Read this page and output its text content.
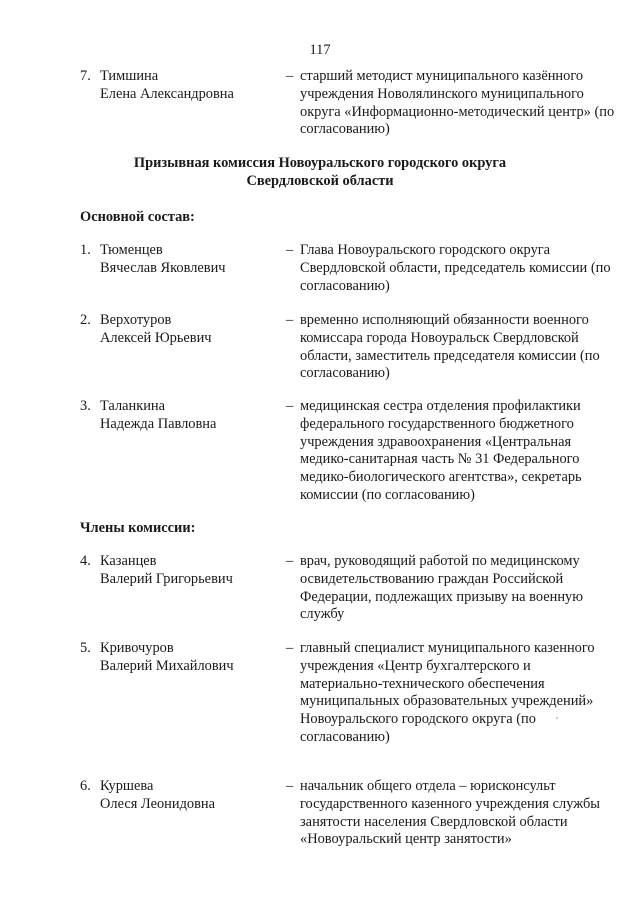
117
7. Тимшина
Елена Александровна
– старший методист муниципального казённого учреждения Новолялинского муниципального округа «Информационно-методический центр» (по согласованию)
Призывная комиссия Новоуральского городского округа
Свердловской области
Основной состав:
1. Тюменцев
Вячеслав Яковлевич
– Глава Новоуральского городского округа Свердловской области, председатель комиссии (по согласованию)
2. Верхотуров
Алексей Юрьевич
– временно исполняющий обязанности военного комиссара города Новоуральск Свердловской области, заместитель председателя комиссии (по согласованию)
3. Таланкина
Надежда Павловна
– медицинская сестра отделения профилактики федерального государственного бюджетного учреждения здравоохранения «Центральная медико-санитарная часть № 31 Федерального медико-биологического агентства», секретарь комиссии (по согласованию)
Члены комиссии:
4. Казанцев
Валерий Григорьевич
– врач, руководящий работой по медицинскому освидетельствованию граждан Российской Федерации, подлежащих призыву на военную службу
5. Кривочуров
Валерий Михайлович
– главный специалист муниципального казенного учреждения «Центр бухгалтерского и материально-технического обеспечения муниципальных образовательных учреждений» Новоуральского городского округа (по согласованию)
6. Куршева
Олеся Леонидовна
– начальник общего отдела – юрисконсульт государственного казенного учреждения службы занятости населения Свердловской области «Новоуральский центр занятости»
